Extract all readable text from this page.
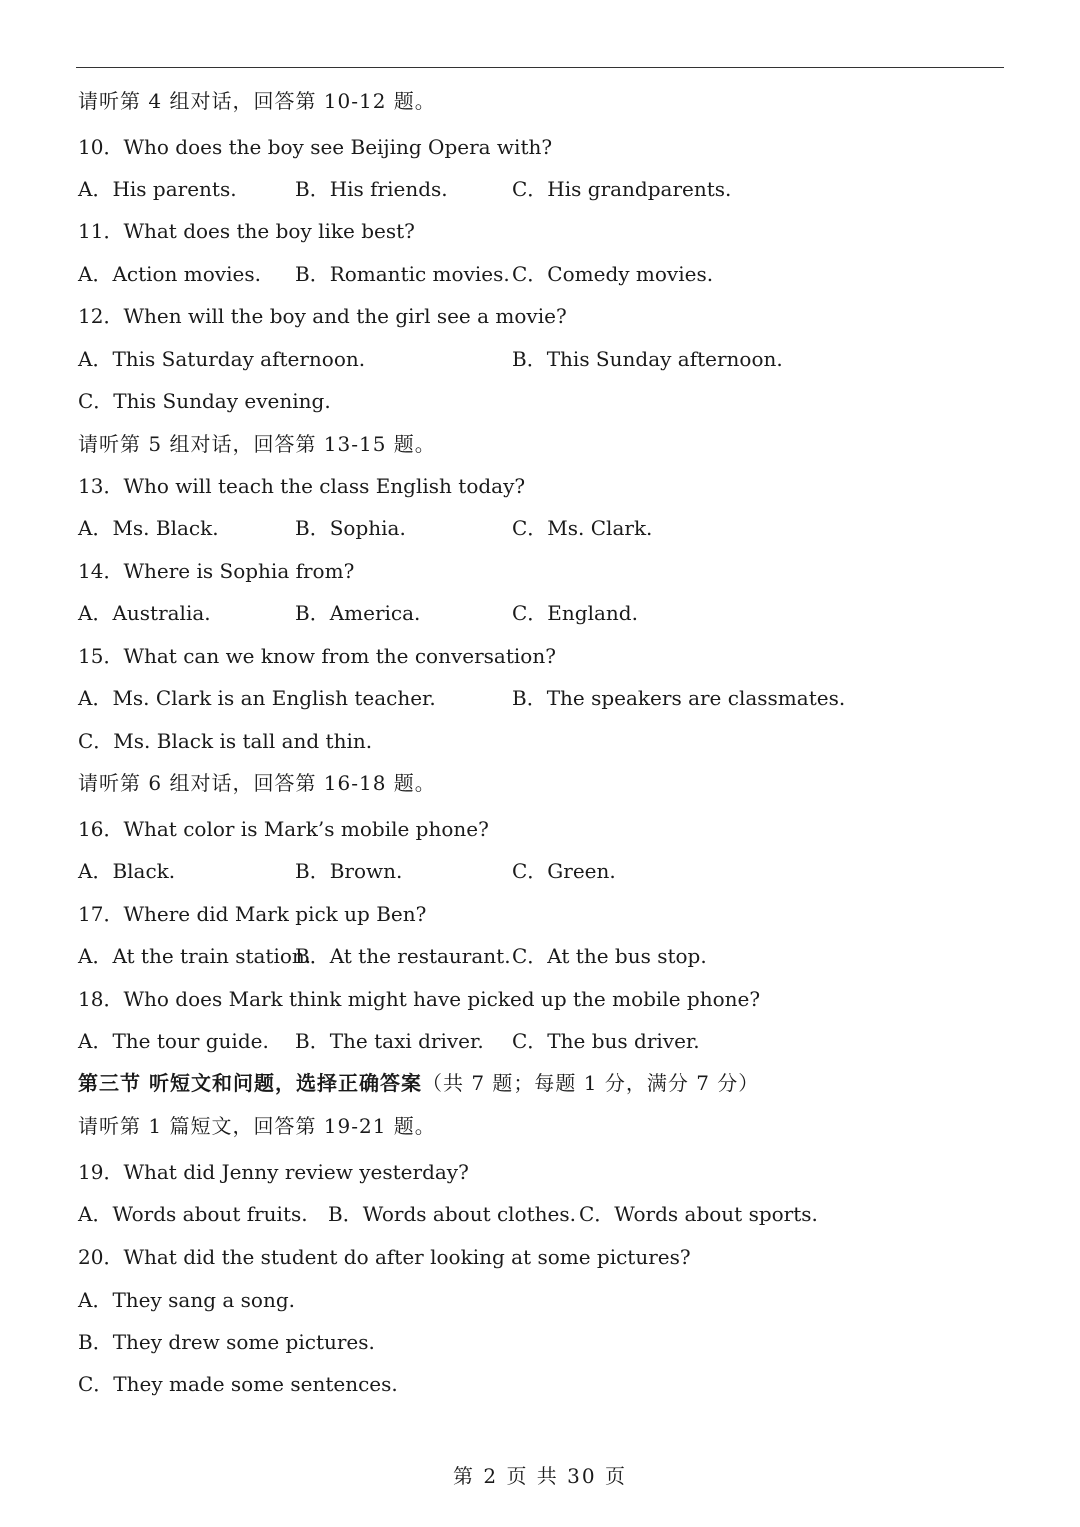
请听第 4 组对话，回答第 10-12 题。
10．Who does the boy see Beijing Opera with?
A．His parents.	B．His friends.	C．His grandparents.
11．What does the boy like best?
A．Action movies. B．Romantic movies. C．Comedy movies.
12．When will the boy and the girl see a movie?
A．This Saturday afternoon.	B．This Sunday afternoon.
C．This Sunday evening.
请听第 5 组对话，回答第 13-15 题。
13．Who will teach the class English today?
A．Ms. Black.	B．Sophia.	C．Ms. Clark.
14．Where is Sophia from?
A．Australia.	B．America.	C．England.
15．What can we know from the conversation?
A．Ms. Clark is an English teacher.	B．The speakers are classmates.
C．Ms. Black is tall and thin.
请听第 6 组对话，回答第 16-18 题。
16．What color is Mark’s mobile phone?
A．Black.	B．Brown.	C．Green.
17．Where did Mark pick up Ben?
A．At the train station.
B．At the restaurant. C．At the bus stop.
18．Who does Mark think might have picked up the mobile phone?
A．The tour guide. B．The taxi driver. C．The bus driver.
第三节 听短文和问题，选择正确答案（共 7 题；每题 1 分，满分 7 分）
请听第 1 篇短文，回答第 19-21 题。
19．What did Jenny review yesterday?
A．Words about fruits. B．Words about clothes. C．Words about sports.
20．What did the student do after looking at some pictures?
A．They sang a song.
B．They drew some pictures.
C．They made some sentences.
第 2 页 共 30 页
